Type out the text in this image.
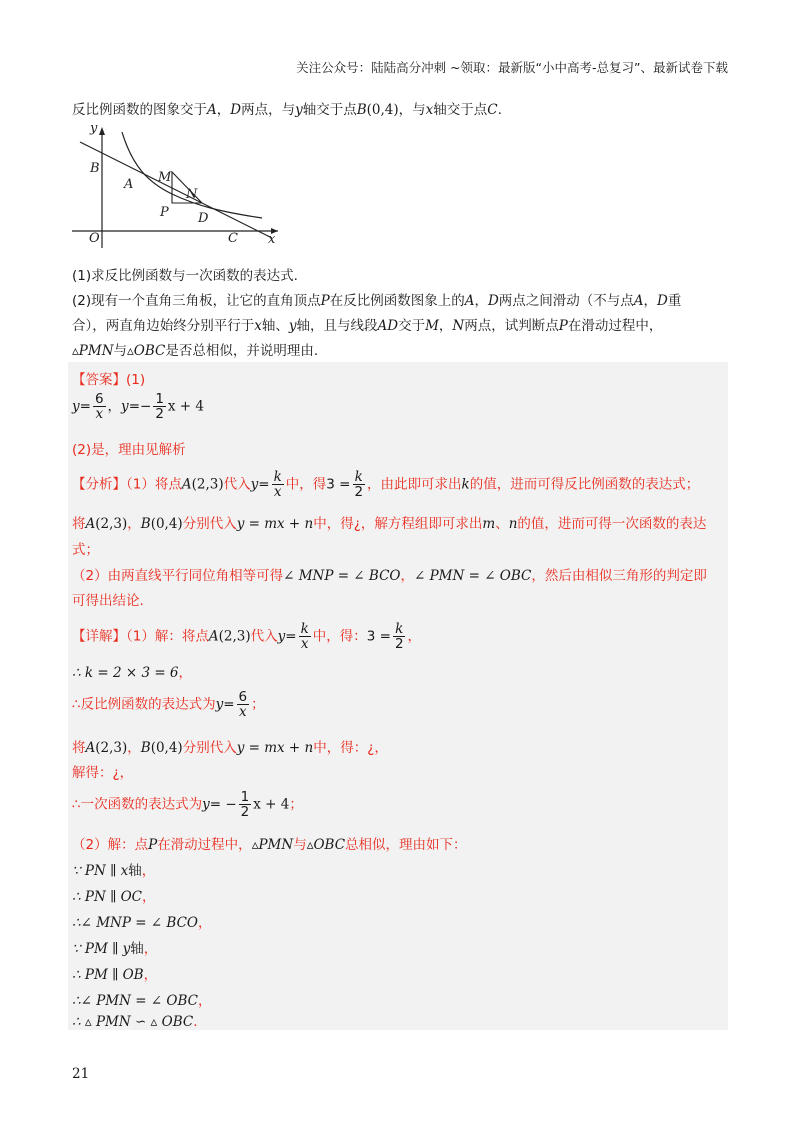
关注公众号：陆陆高分冲刺 ~领取：最新版“小中高考-总复习”、最新试卷下载
反比例函数的图象交于A，D两点，与y轴交于点B(0,4)，与x轴交于点C.
y
x
O
B
A M
N
P D
C
(1)求反比例函数与一次函数的表达式.
(2)现有一个直角三角板，让它的直角顶点P在反比例函数图象上的A，D两点之间滑动（不与点A，D重
合），两直角边始终分别平行于x轴、y轴，且与线段AD交于M，N两点，试判断点P在滑动过程中，
▵PMN与▵OBC是否总相似，并说明理由.
【答案】(1)
$y= \frac{6}{x}$ ，$y=- \frac{1}{2}$ x + 4
(2)是，理由见解析
【分析】（1）将点A(2,3)代入$y= \frac{k}{x}$ 中，得$3 = \frac{k}{2}$ ，由此即可求出k的值，进而可得反比例函数的表达式；
将A(2,3)，B(0,4)分别代入y = mx + n中，得¿，解方程组即可求出m、n的值，进而可得一次函数的表达
式；
（2）由两直线平行同位角相等可得∠ MNP = ∠ BCO，∠ PMN = ∠ OBC，然后由相似三角形的判定即
可得出结论.
【详解】（1）解：将点A(2,3)代入$y= \frac{k}{x}$ 中，得：$3 = \frac{k}{2}$ ，
∴ k = 2 × 3 = 6，
∴反比例函数的表达式为$y= \frac{6}{x}$ ；
将A(2,3)，B(0,4)分别代入y = mx + n中，得：¿，
解得：¿，
∴一次函数的表达式为$y= - \frac{1}{2}$ x + 4；
（2）解：点P在滑动过程中，▵PMN与▵OBC总相似，理由如下：
∵ PN ∥ x轴，
∴ PN ∥ OC，
∴∠ MNP = ∠ BCO，
∵ PM ∥ y轴，
∴ PM ∥ OB，
∴∠ PMN = ∠ OBC，
∴ ▵ PMN ∽ ▵ OBC.
21
